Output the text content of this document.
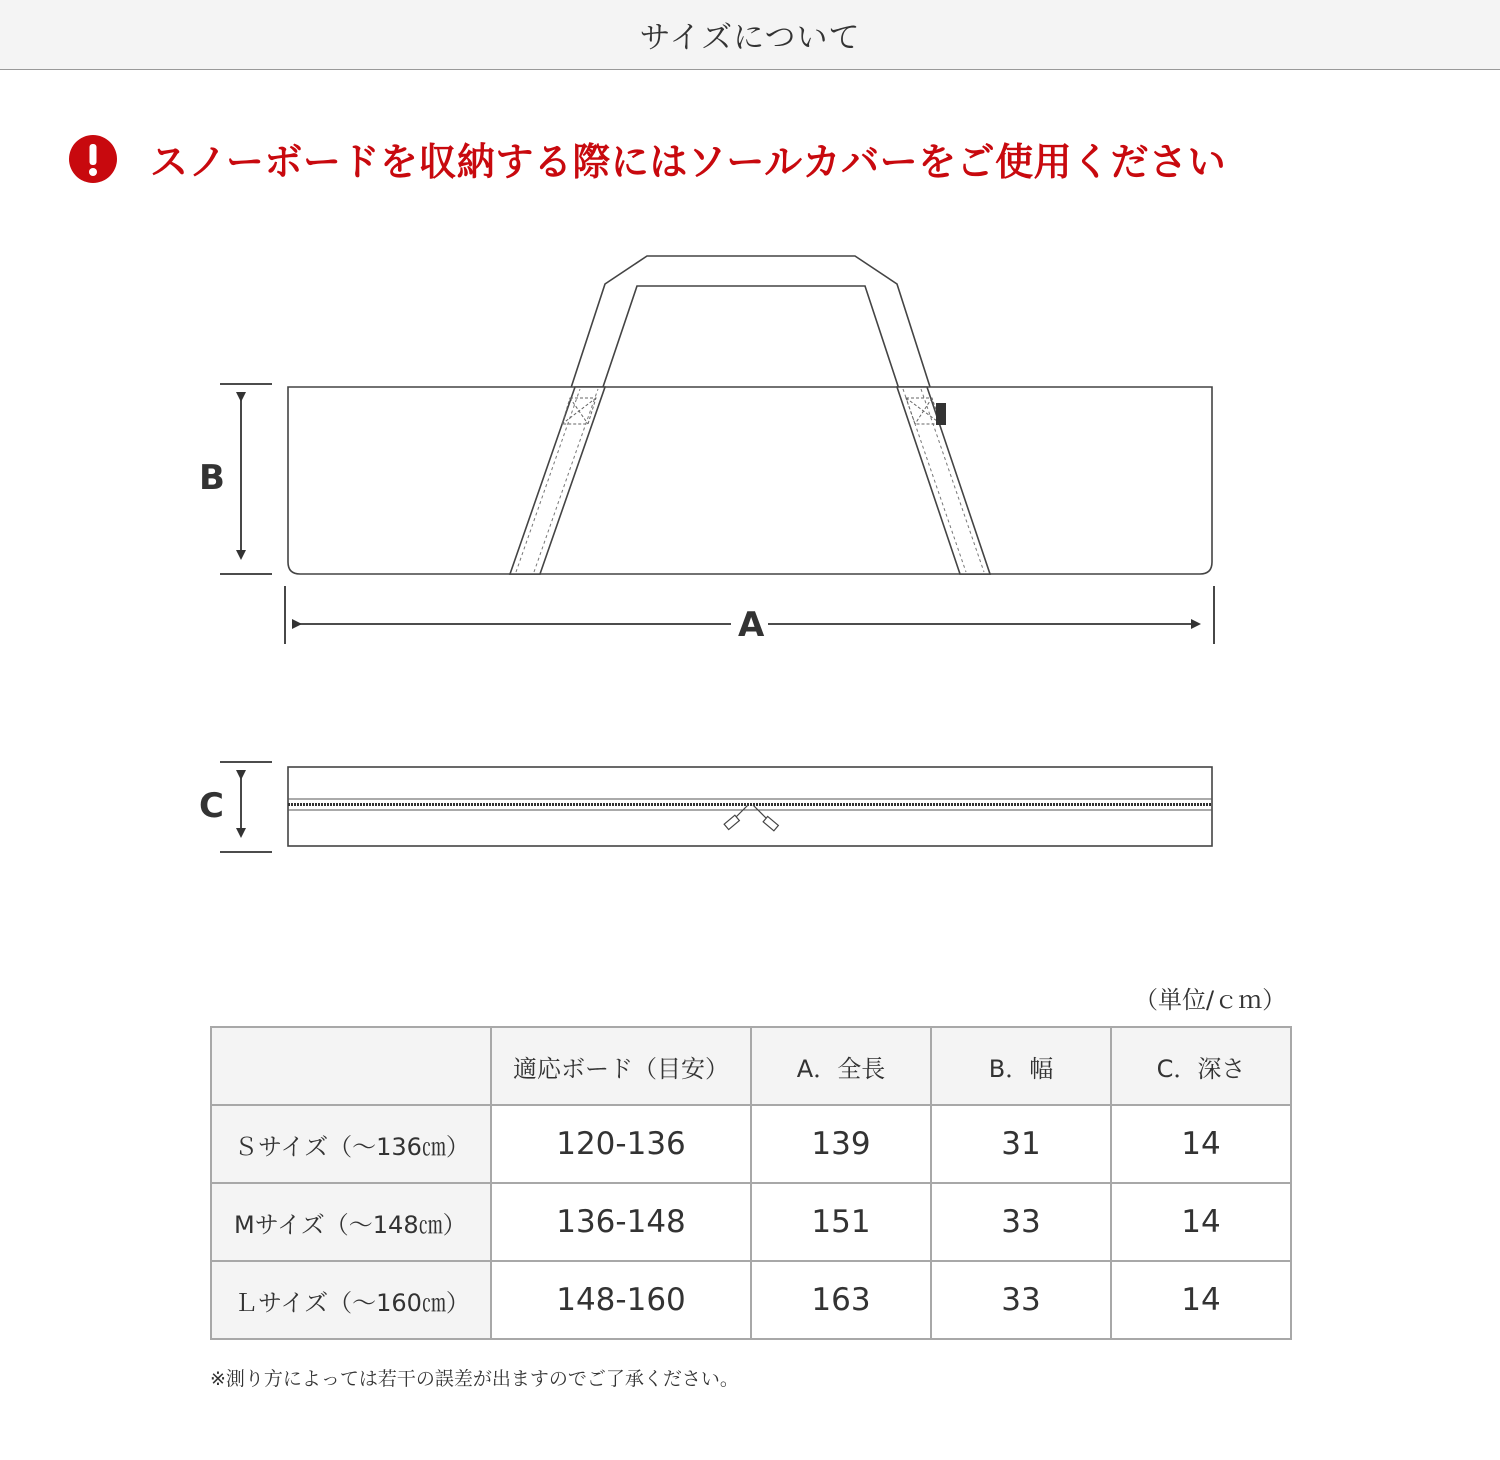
サイズについて
スノーボードを収納する際にはソールカバーをご使用ください
B
A
C
（単位/ｃｍ）
	適応ボード（目安）	A．全長	B．幅	C．深さ
Ｓサイズ（～136㎝）	120-136	139	31	14
Mサイズ（～148㎝）	136-148	151	33	14
Ｌサイズ（～160㎝）	148-160	163	33	14
※測り方によっては若干の誤差が出ますのでご了承ください。
